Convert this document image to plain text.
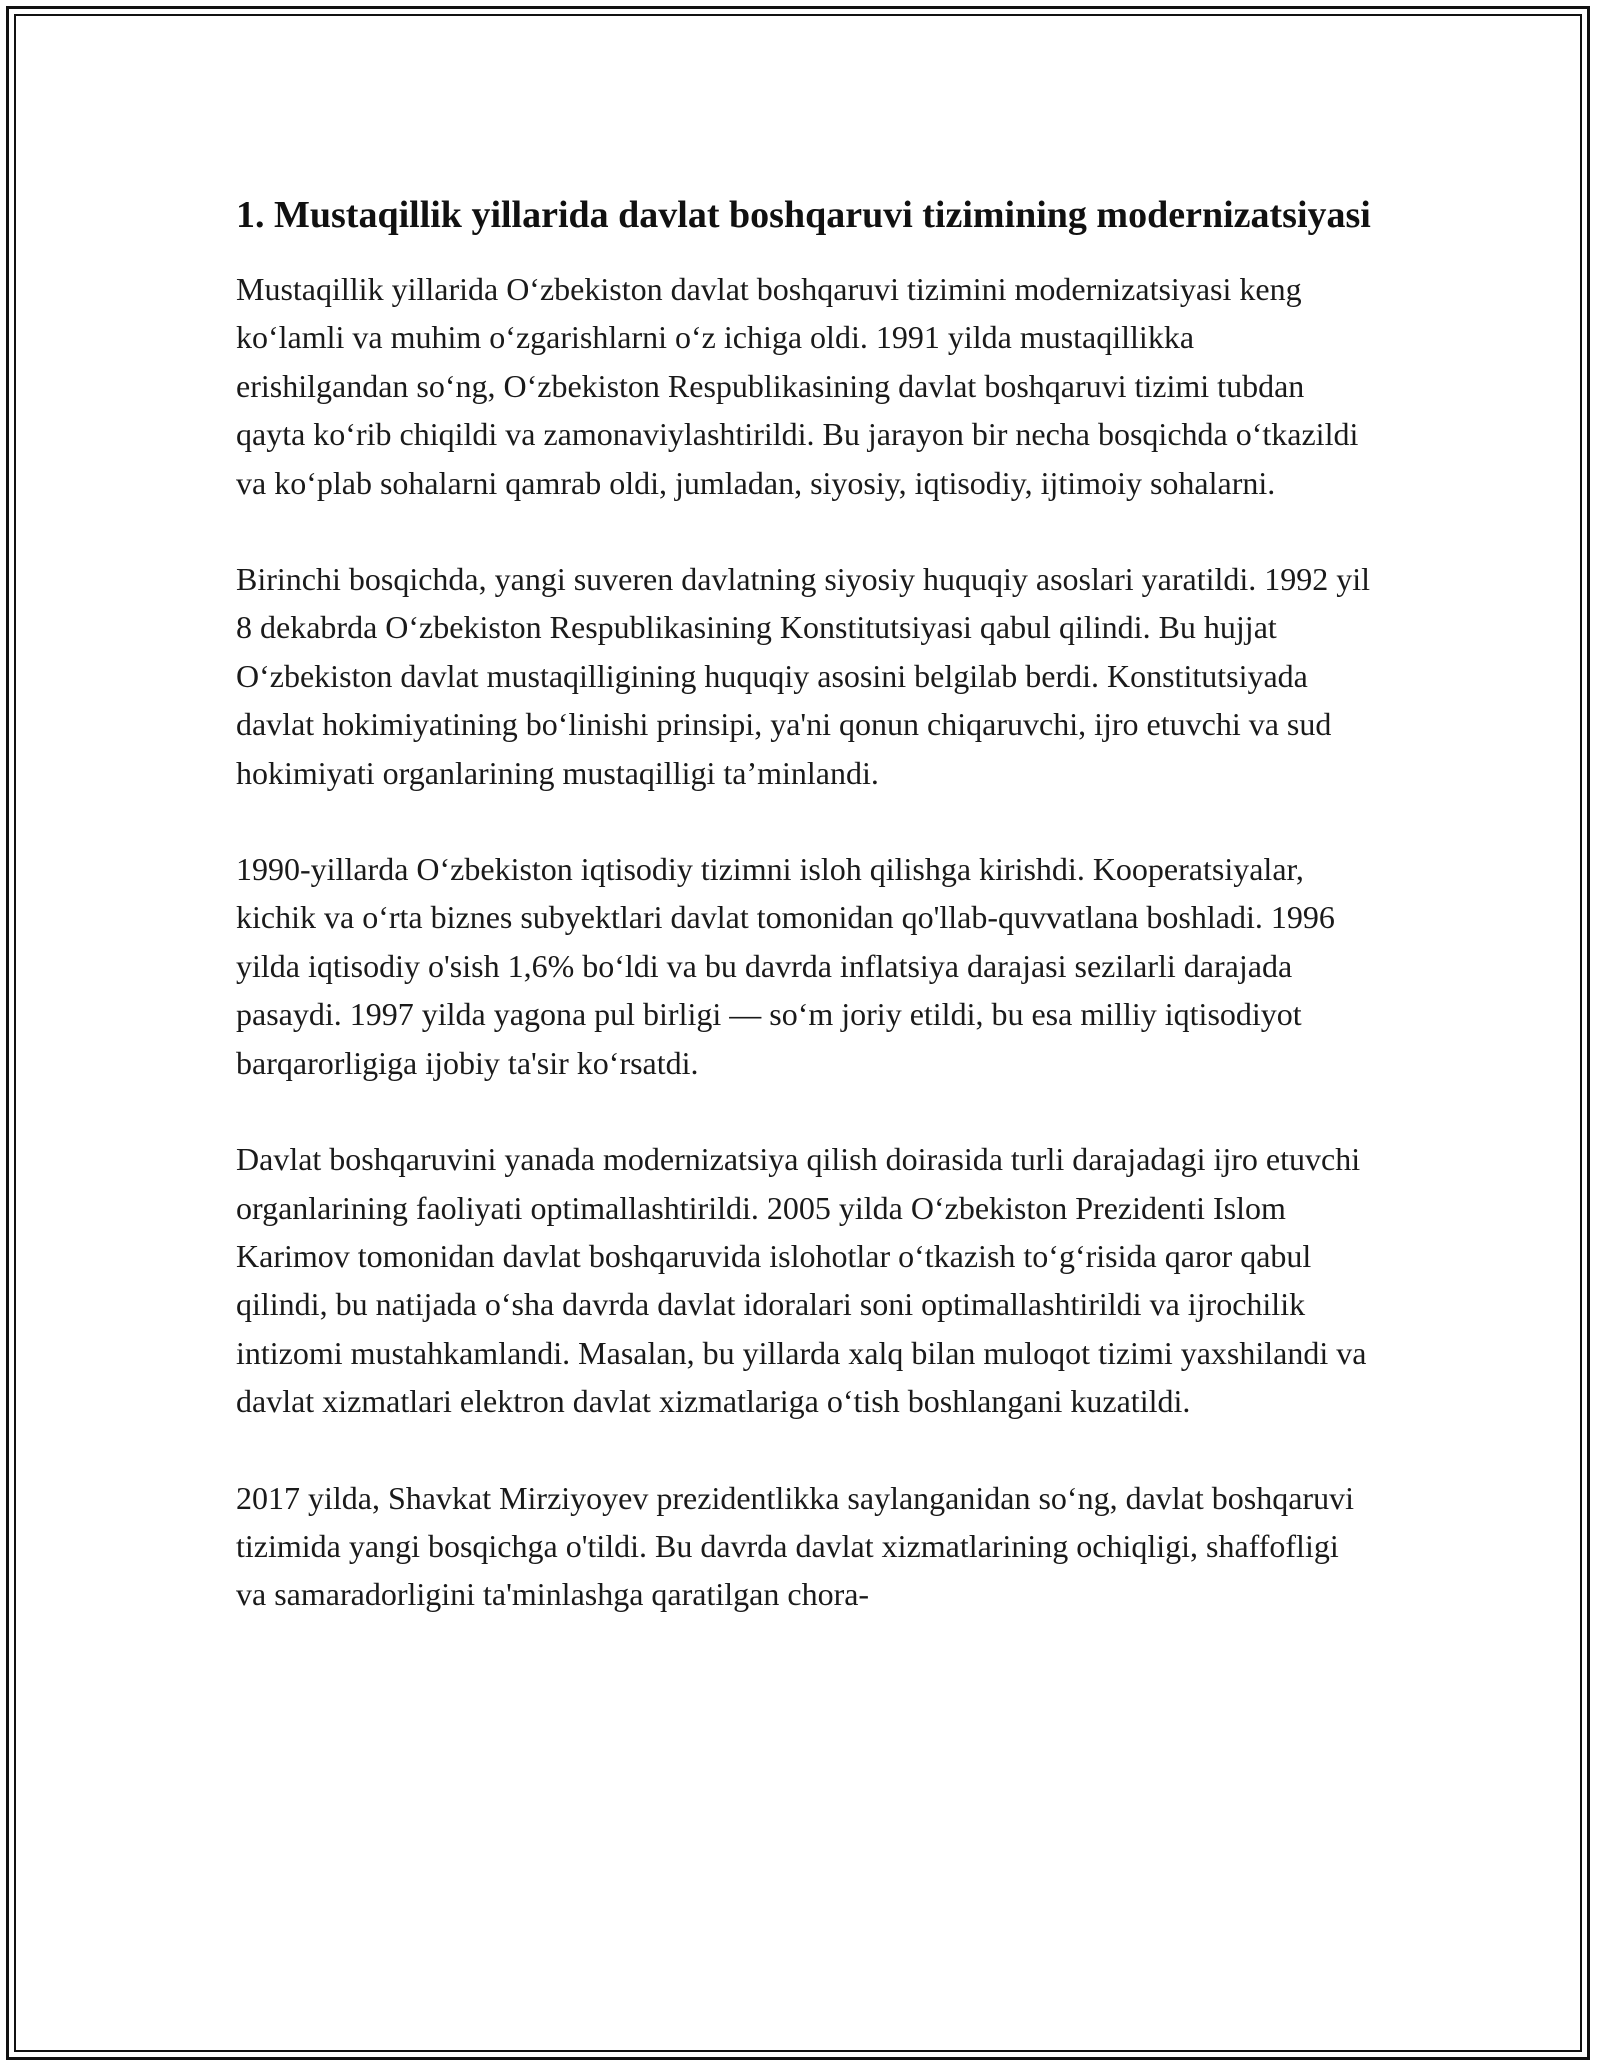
1. Mustaqillik yillarida davlat boshqaruvi tizimining modernizatsiyasi

Mustaqillik yillarida O‘zbekiston davlat boshqaruvi tizimini modernizatsiyasi keng ko‘lamli va muhim o‘zgarishlarni o‘z ichiga oldi. 1991 yilda mustaqillikka erishilgandan so‘ng, O‘zbekiston Respublikasining davlat boshqaruvi tizimi tubdan qayta ko‘rib chiqildi va zamonaviylashtirildi. Bu jarayon bir necha bosqichda o‘tkazildi va ko‘plab sohalarni qamrab oldi, jumladan, siyosiy, iqtisodiy, ijtimoiy sohalarni.

Birinchi bosqichda, yangi suveren davlatning siyosiy huquqiy asoslari yaratildi. 1992 yil 8 dekabrda O‘zbekiston Respublikasining Konstitutsiyasi qabul qilindi. Bu hujjat O‘zbekiston davlat mustaqilligining huquqiy asosini belgilab berdi. Konstitutsiyada davlat hokimiyatining bo‘linishi prinsipi, ya'ni qonun chiqaruvchi, ijro etuvchi va sud hokimiyati organlarining mustaqilligi ta’minlandi.

1990-yillarda O‘zbekiston iqtisodiy tizimni isloh qilishga kirishdi. Kooperatsiyalar, kichik va o‘rta biznes subyektlari davlat tomonidan qo'llab-quvvatlana boshladi. 1996 yilda iqtisodiy o'sish 1,6% bo‘ldi va bu davrda inflatsiya darajasi sezilarli darajada pasaydi. 1997 yilda yagona pul birligi — so‘m joriy etildi, bu esa milliy iqtisodiyot barqarorligiga ijobiy ta'sir ko‘rsatdi.

Davlat boshqaruvini yanada modernizatsiya qilish doirasida turli darajadagi ijro etuvchi organlarining faoliyati optimallashtirildi. 2005 yilda O‘zbekiston Prezidenti Islom Karimov tomonidan davlat boshqaruvida islohotlar o‘tkazish to‘g‘risida qaror qabul qilindi, bu natijada o‘sha davrda davlat idoralari soni optimallashtirildi va ijrochilik intizomi mustahkamlandi. Masalan, bu yillarda xalq bilan muloqot tizimi yaxshilandi va davlat xizmatlari elektron davlat xizmatlariga o‘tish boshlangani kuzatildi.

2017 yilda, Shavkat Mirziyoyev prezidentlikka saylanganidan so‘ng, davlat boshqaruvi tizimida yangi bosqichga o'tildi. Bu davrda davlat xizmatlarining ochiqligi, shaffofligi va samaradorligini ta'minlashga qaratilgan chora-
